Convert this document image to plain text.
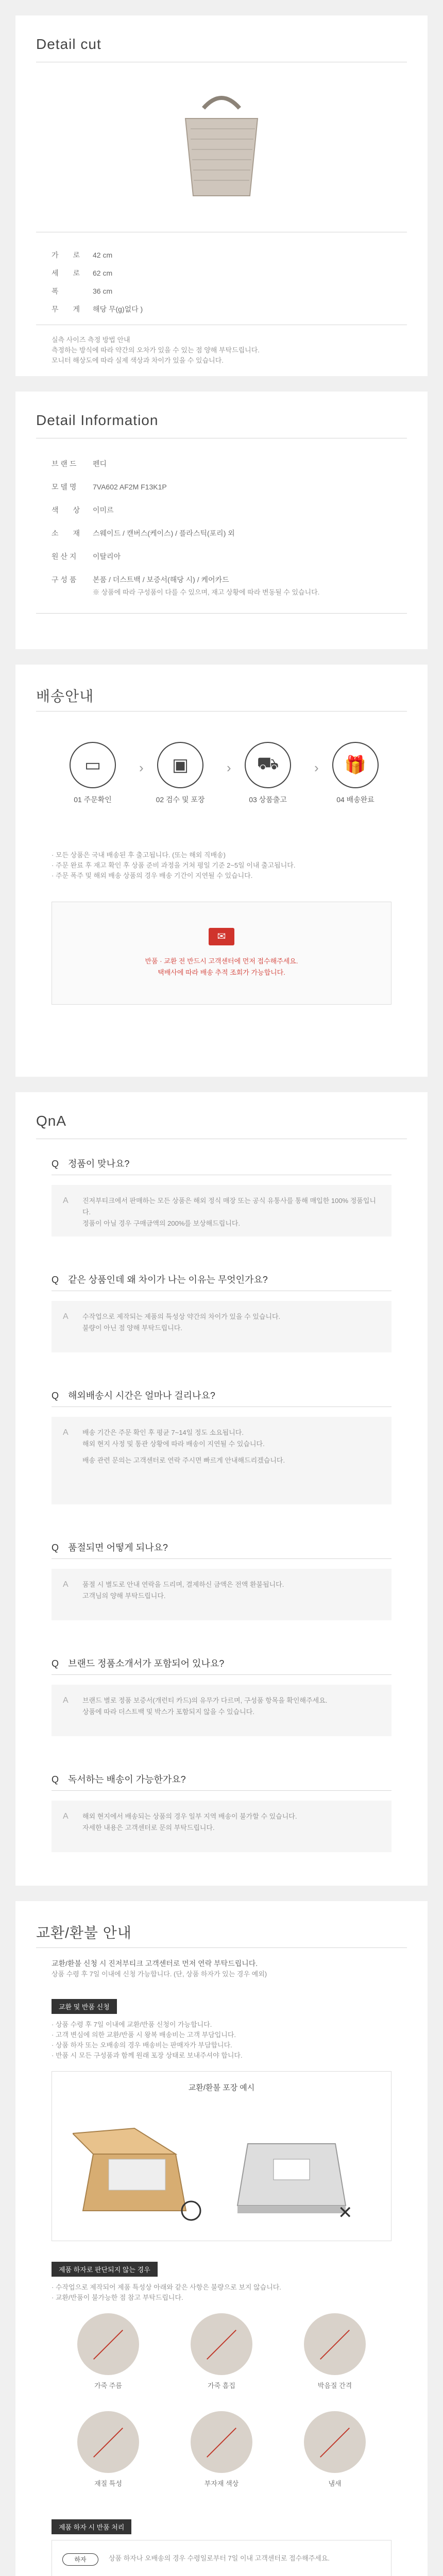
Detail cut
가　　로 42 cm
세　　로 62 cm
폭	36 cm
무　　게 해당 무(g)없다 )
실측 사이즈 측정 방법 안내
측정하는 방식에 따라 약간의 오차가 있을 수 있는 점 양해 부탁드립니다.
모니터 해상도에 따라 실제 색상과 차이가 있을 수 있습니다.
Detail Information
브 랜 드 펜디
모 델 명 7VA602 AF2M F13K1P
색　　상 이미르
소　　재 스웨이드 / 캔버스(케이스) / 플라스틱(포리) 외
원 산 지 이탈리아
구 성 품 본품 / 더스트백 / 보증서(해당 시) / 케어카드
※ 상품에 따라 구성품이 다를 수 있으며, 재고 상황에 따라 변동될 수 있습니다.
배송안내
▭
01 주문확인
›	▣
02 검수 및 포장
›	⛟
03 상품출고
›	🎁
04 배송완료
· 모든 상품은 국내 배송된 후 출고됩니다. (또는 해외 직배송)
· 주문 완료 후 재고 확인 후 상품 준비 과정을 거쳐 평일 기준 2~5일 이내 출고됩니다.
· 주문 폭주 및 해외 배송 상품의 경우 배송 기간이 지연될 수 있습니다.
✉
반품 · 교환 전 반드시 고객센터에 먼저 접수해주세요.
택배사에 따라 배송 추적 조회가 가능합니다.
QnA
Q　정품이 맞나요?
A 진저부티크에서 판매하는 모든 상품은 해외 정식 매장 또는 공식 유통사를 통해 매입한 100% 정품입니다.
정품이 아닐 경우 구매금액의 200%를 보상해드립니다.
Q　같은 상품인데 왜 차이가 나는 이유는 무엇인가요?
A 수작업으로 제작되는 제품의 특성상 약간의 차이가 있을 수 있습니다.
불량이 아닌 점 양해 부탁드립니다.
Q　해외배송시 시간은 얼마나 걸리나요?
A 배송 기간은 주문 확인 후 평균 7~14일 정도 소요됩니다.
해외 현지 사정 및 통관 상황에 따라 배송이 지연될 수 있습니다.
배송 관련 문의는 고객센터로 연락 주시면 빠르게 안내해드리겠습니다.
Q　품절되면 어떻게 되나요?
A 품절 시 별도로 안내 연락을 드리며, 결제하신 금액은 전액 환불됩니다.
고객님의 양해 부탁드립니다.
Q　브랜드 정품소개서가 포함되어 있나요?
A 브랜드 별로 정품 보증서(개런티 카드)의 유무가 다르며, 구성품 항목을 확인해주세요.
상품에 따라 더스트백 및 박스가 포함되지 않을 수 있습니다.
Q　독서하는 배송이 가능한가요?
A 해외 현지에서 배송되는 상품의 경우 일부 지역 배송이 불가할 수 있습니다.
자세한 내용은 고객센터로 문의 부탁드립니다.
교환/환불 안내
교환/환불 신청 시 진저부티크 고객센터로 먼저 연락 부탁드립니다.
상품 수령 후 7일 이내에 신청 가능합니다. (단, 상품 하자가 있는 경우 예외)
교환 및 반품 신청
· 상품 수령 후 7일 이내에 교환/반품 신청이 가능합니다.
· 고객 변심에 의한 교환/반품 시 왕복 배송비는 고객 부담입니다.
· 상품 하자 또는 오배송의 경우 배송비는 판매자가 부담합니다.
· 반품 시 모든 구성품과 함께 원래 포장 상태로 보내주셔야 합니다.
교환/환불 포장 예시
✕
제품 하자로 판단되지 않는 경우
· 수작업으로 제작되어 제품 특성상 아래와 같은 사항은 불량으로 보지 않습니다.
· 교환/반품이 불가능한 점 참고 부탁드립니다.
가죽 주름	가죽 흠집	박음질 간격
재질 특성	부자재 색상	냄새
제품 하자 시 반품 처리
하자	상품 하자나 오배송의 경우 수령일로부터 7일 이내 고객센터로 접수해주세요.
